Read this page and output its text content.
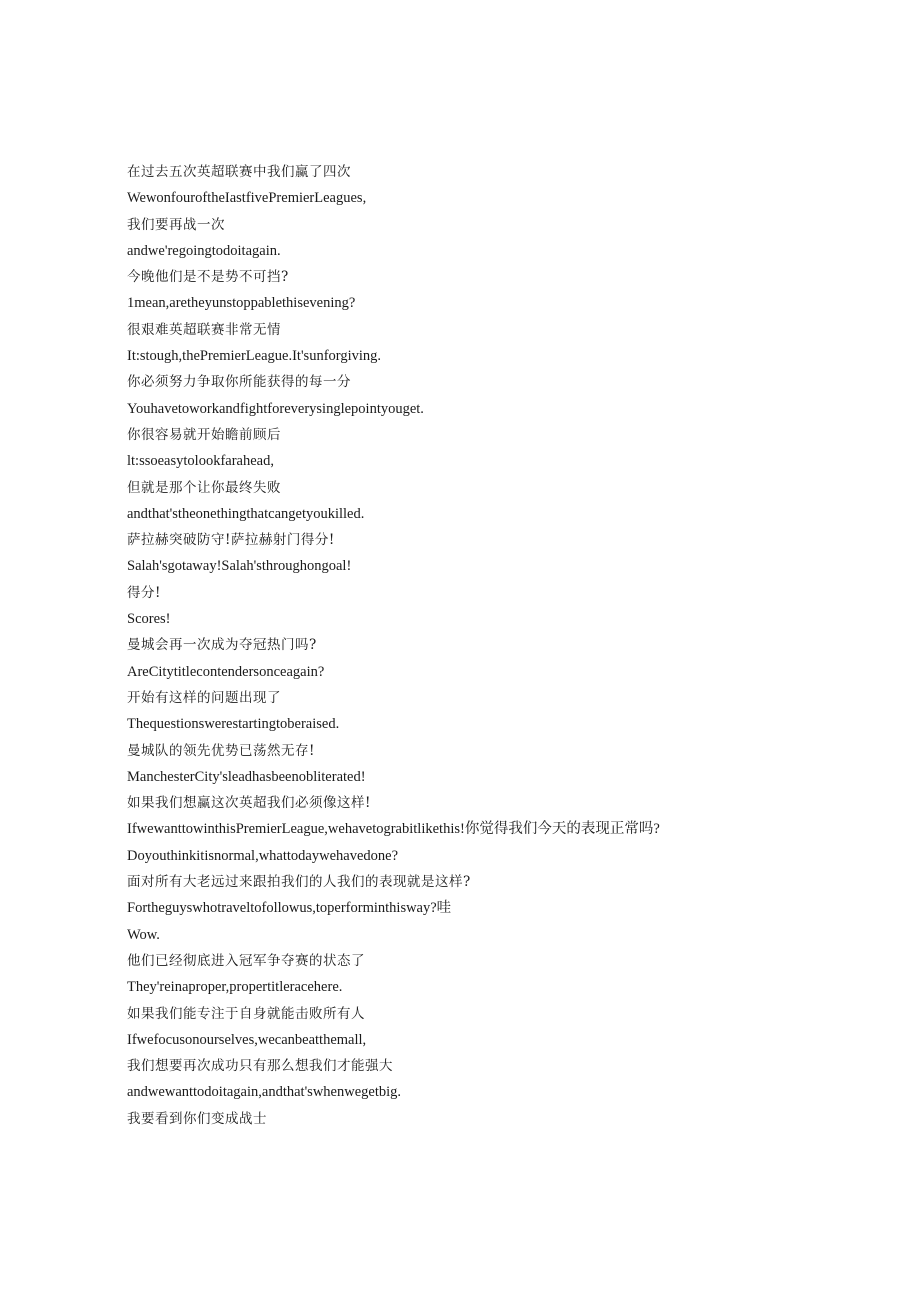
在过去五次英超联赛中我们赢了四次
WewonfouroftheIastfivePremierLeagues,
我们要再战一次
andwe'regoingtodoitagain.
今晚他们是不是势不可挡?
1mean,aretheyunstoppablethisevening?
很艰难英超联赛非常无情
It:stough,thePremierLeague.It'sunforgiving.
你必须努力争取你所能获得的每一分
Youhavetoworkandfightforeverysinglepointyouget.
你很容易就开始瞻前顾后
lt:ssoeasytolookfarahead,
但就是那个让你最终失败
andthat'stheonethingthatcangetyoukilled.
萨拉赫突破防守!萨拉赫射门得分!
Salah'sgotaway!Salah'sthroughongoal!
得分!
Scores!
曼城会再一次成为夺冠热门吗?
AreCitytitlecontendersonceagain?
开始有这样的问题出现了
Thequestionswerestartingtoberaised.
曼城队的领先优势已荡然无存!
ManchesterCity'sleadhasbeenobliterated!
如果我们想赢这次英超我们必须像这样!
IfwewanttowinthisPremierLeague,wehavetograbitlikethis!你觉得我们今天的表现正常吗?
Doyouthinkitisnormal,whattodaywehavedone?
面对所有大老远过来跟拍我们的人我们的表现就是这样?
Fortheguyswhotraveltofollowus,toperforminthisway?哇
Wow.
他们已经彻底进入冠军争夺赛的状态了
They'reinaproper,propertitleracehere.
如果我们能专注于自身就能击败所有人
Ifwefocusonourselves,wecanbeatthemall,
我们想要再次成功只有那么想我们才能强大
andwewanttodoitagain,andthat'swhenwegetbig.
我要看到你们变成战士
